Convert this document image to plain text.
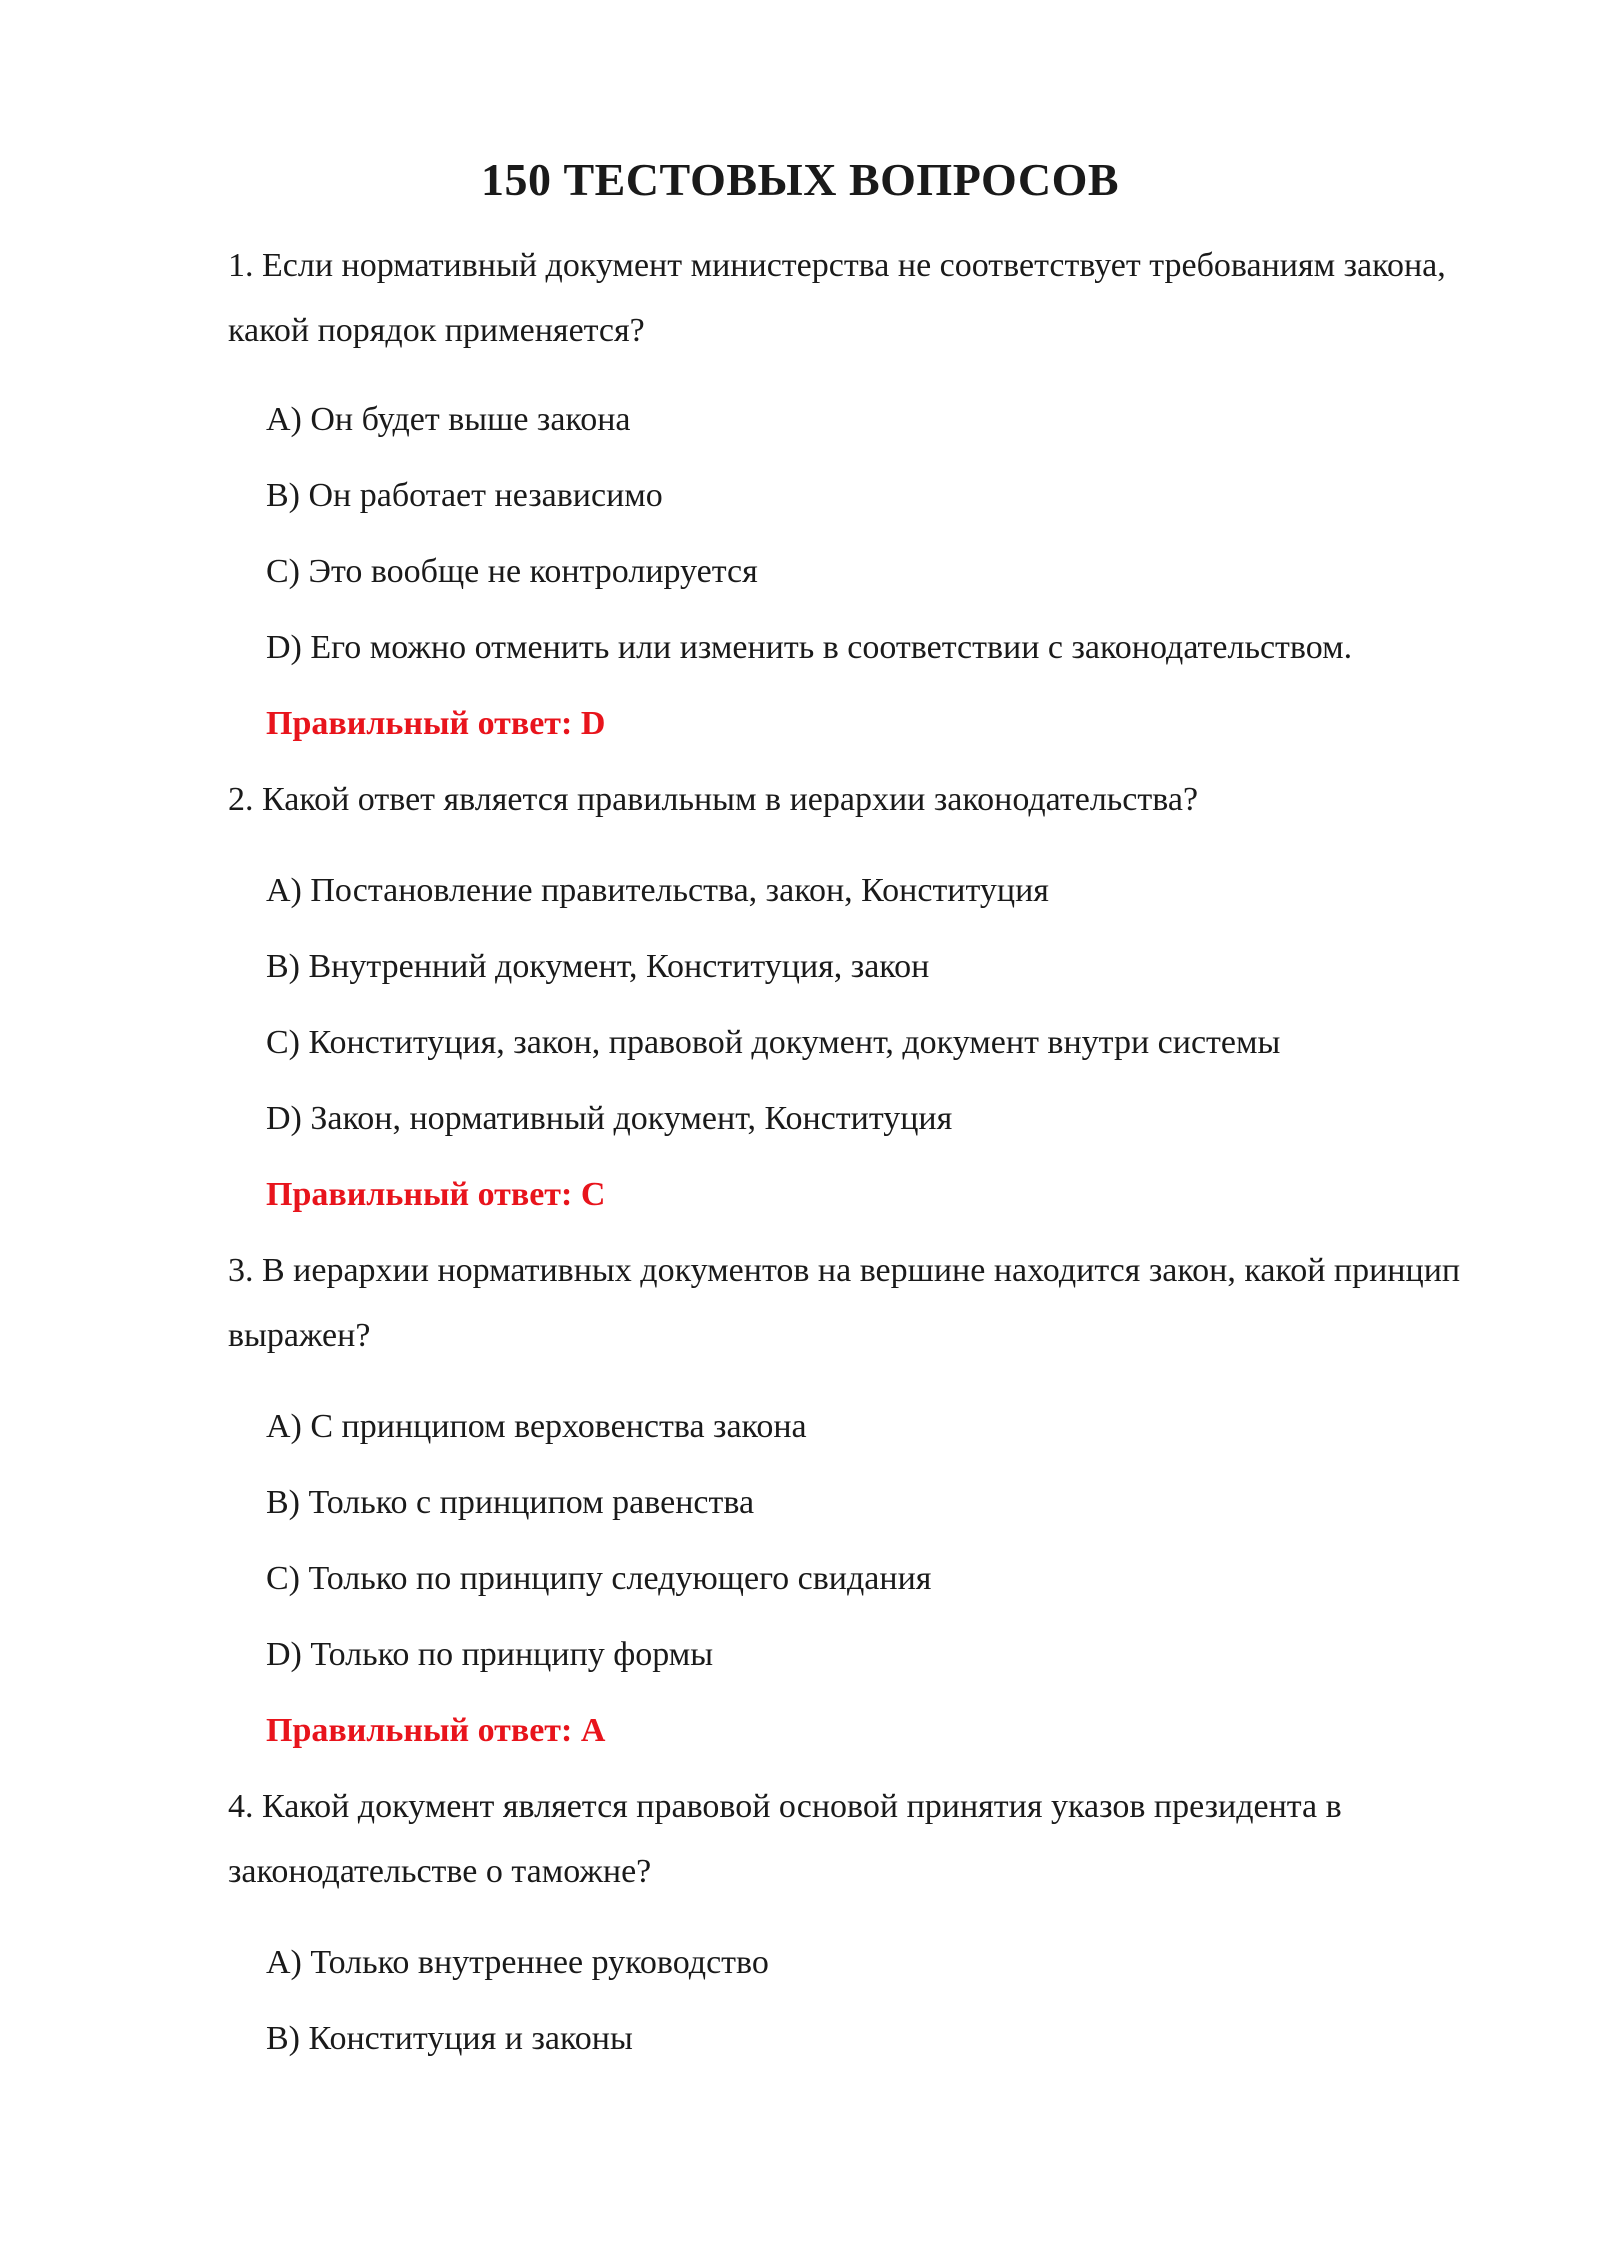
150 ТЕСТОВЫХ ВОПРОСОВ
1. Если нормативный документ министерства не соответствует требованиям закона, какой порядок применяется?
A) Он будет выше закона
B) Он работает независимо
C) Это вообще не контролируется
D) Его можно отменить или изменить в соответствии с законодательством.
Правильный ответ: D
2. Какой ответ является правильным в иерархии законодательства?
A) Постановление правительства, закон, Конституция
B) Внутренний документ, Конституция, закон
C) Конституция, закон, правовой документ, документ внутри системы
D) Закон, нормативный документ, Конституция
Правильный ответ: C
3. В иерархии нормативных документов на вершине находится закон, какой принцип выражен?
A) С принципом верховенства закона
B) Только с принципом равенства
C) Только по принципу следующего свидания
D) Только по принципу формы
Правильный ответ: A
4. Какой документ является правовой основой принятия указов президента в законодательстве о таможне?
A) Только внутреннее руководство
B) Конституция и законы
